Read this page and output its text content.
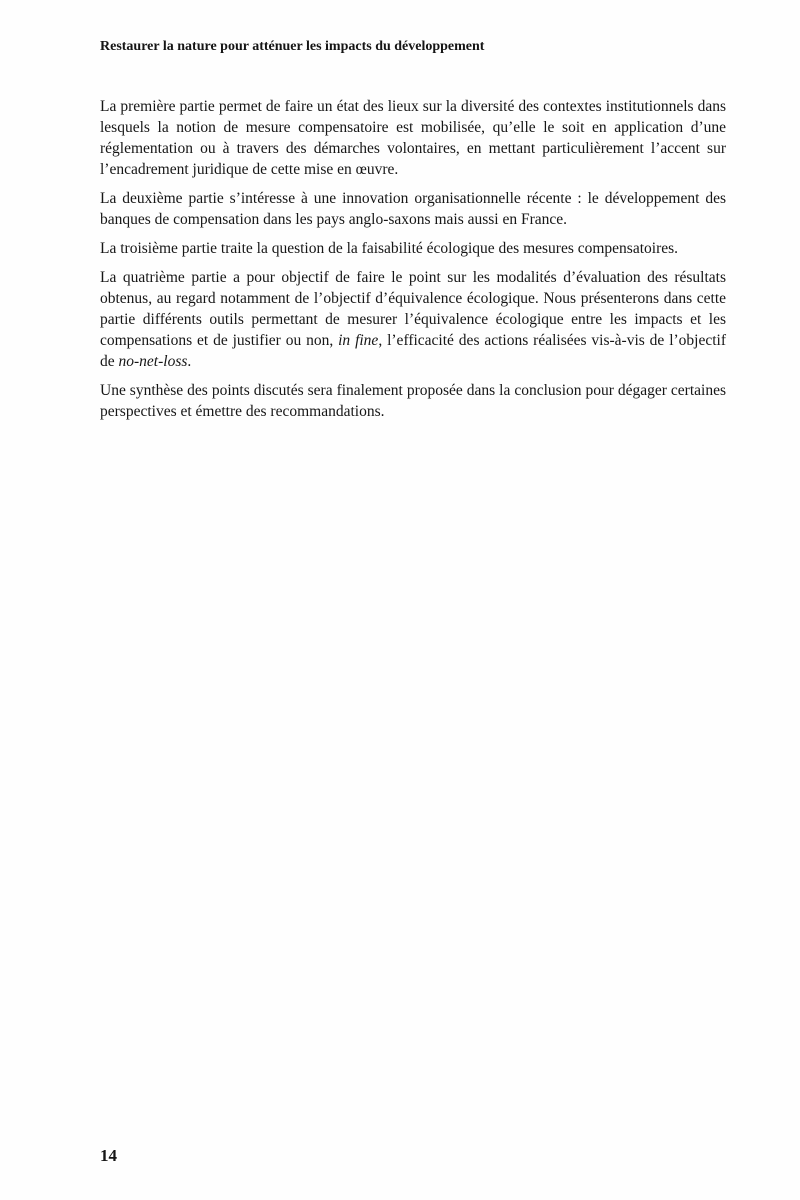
Restaurer la nature pour atténuer les impacts du développement

La première partie permet de faire un état des lieux sur la diversité des contextes institutionnels dans lesquels la notion de mesure compensatoire est mobilisée, qu’elle le soit en application d’une réglementation ou à travers des démarches volontaires, en mettant particulièrement l’accent sur l’encadrement juridique de cette mise en œuvre.

La deuxième partie s’intéresse à une innovation organisationnelle récente : le développement des banques de compensation dans les pays anglo-saxons mais aussi en France.

La troisième partie traite la question de la faisabilité écologique des mesures compensatoires.

La quatrième partie a pour objectif de faire le point sur les modalités d’évaluation des résultats obtenus, au regard notamment de l’objectif d’équivalence écologique. Nous présenterons dans cette partie différents outils permettant de mesurer l’équivalence écologique entre les impacts et les compensations et de justifier ou non, in fine, l’efficacité des actions réalisées vis-à-vis de l’objectif de no-net-loss.

Une synthèse des points discutés sera finalement proposée dans la conclusion pour dégager certaines perspectives et émettre des recommandations.

14
